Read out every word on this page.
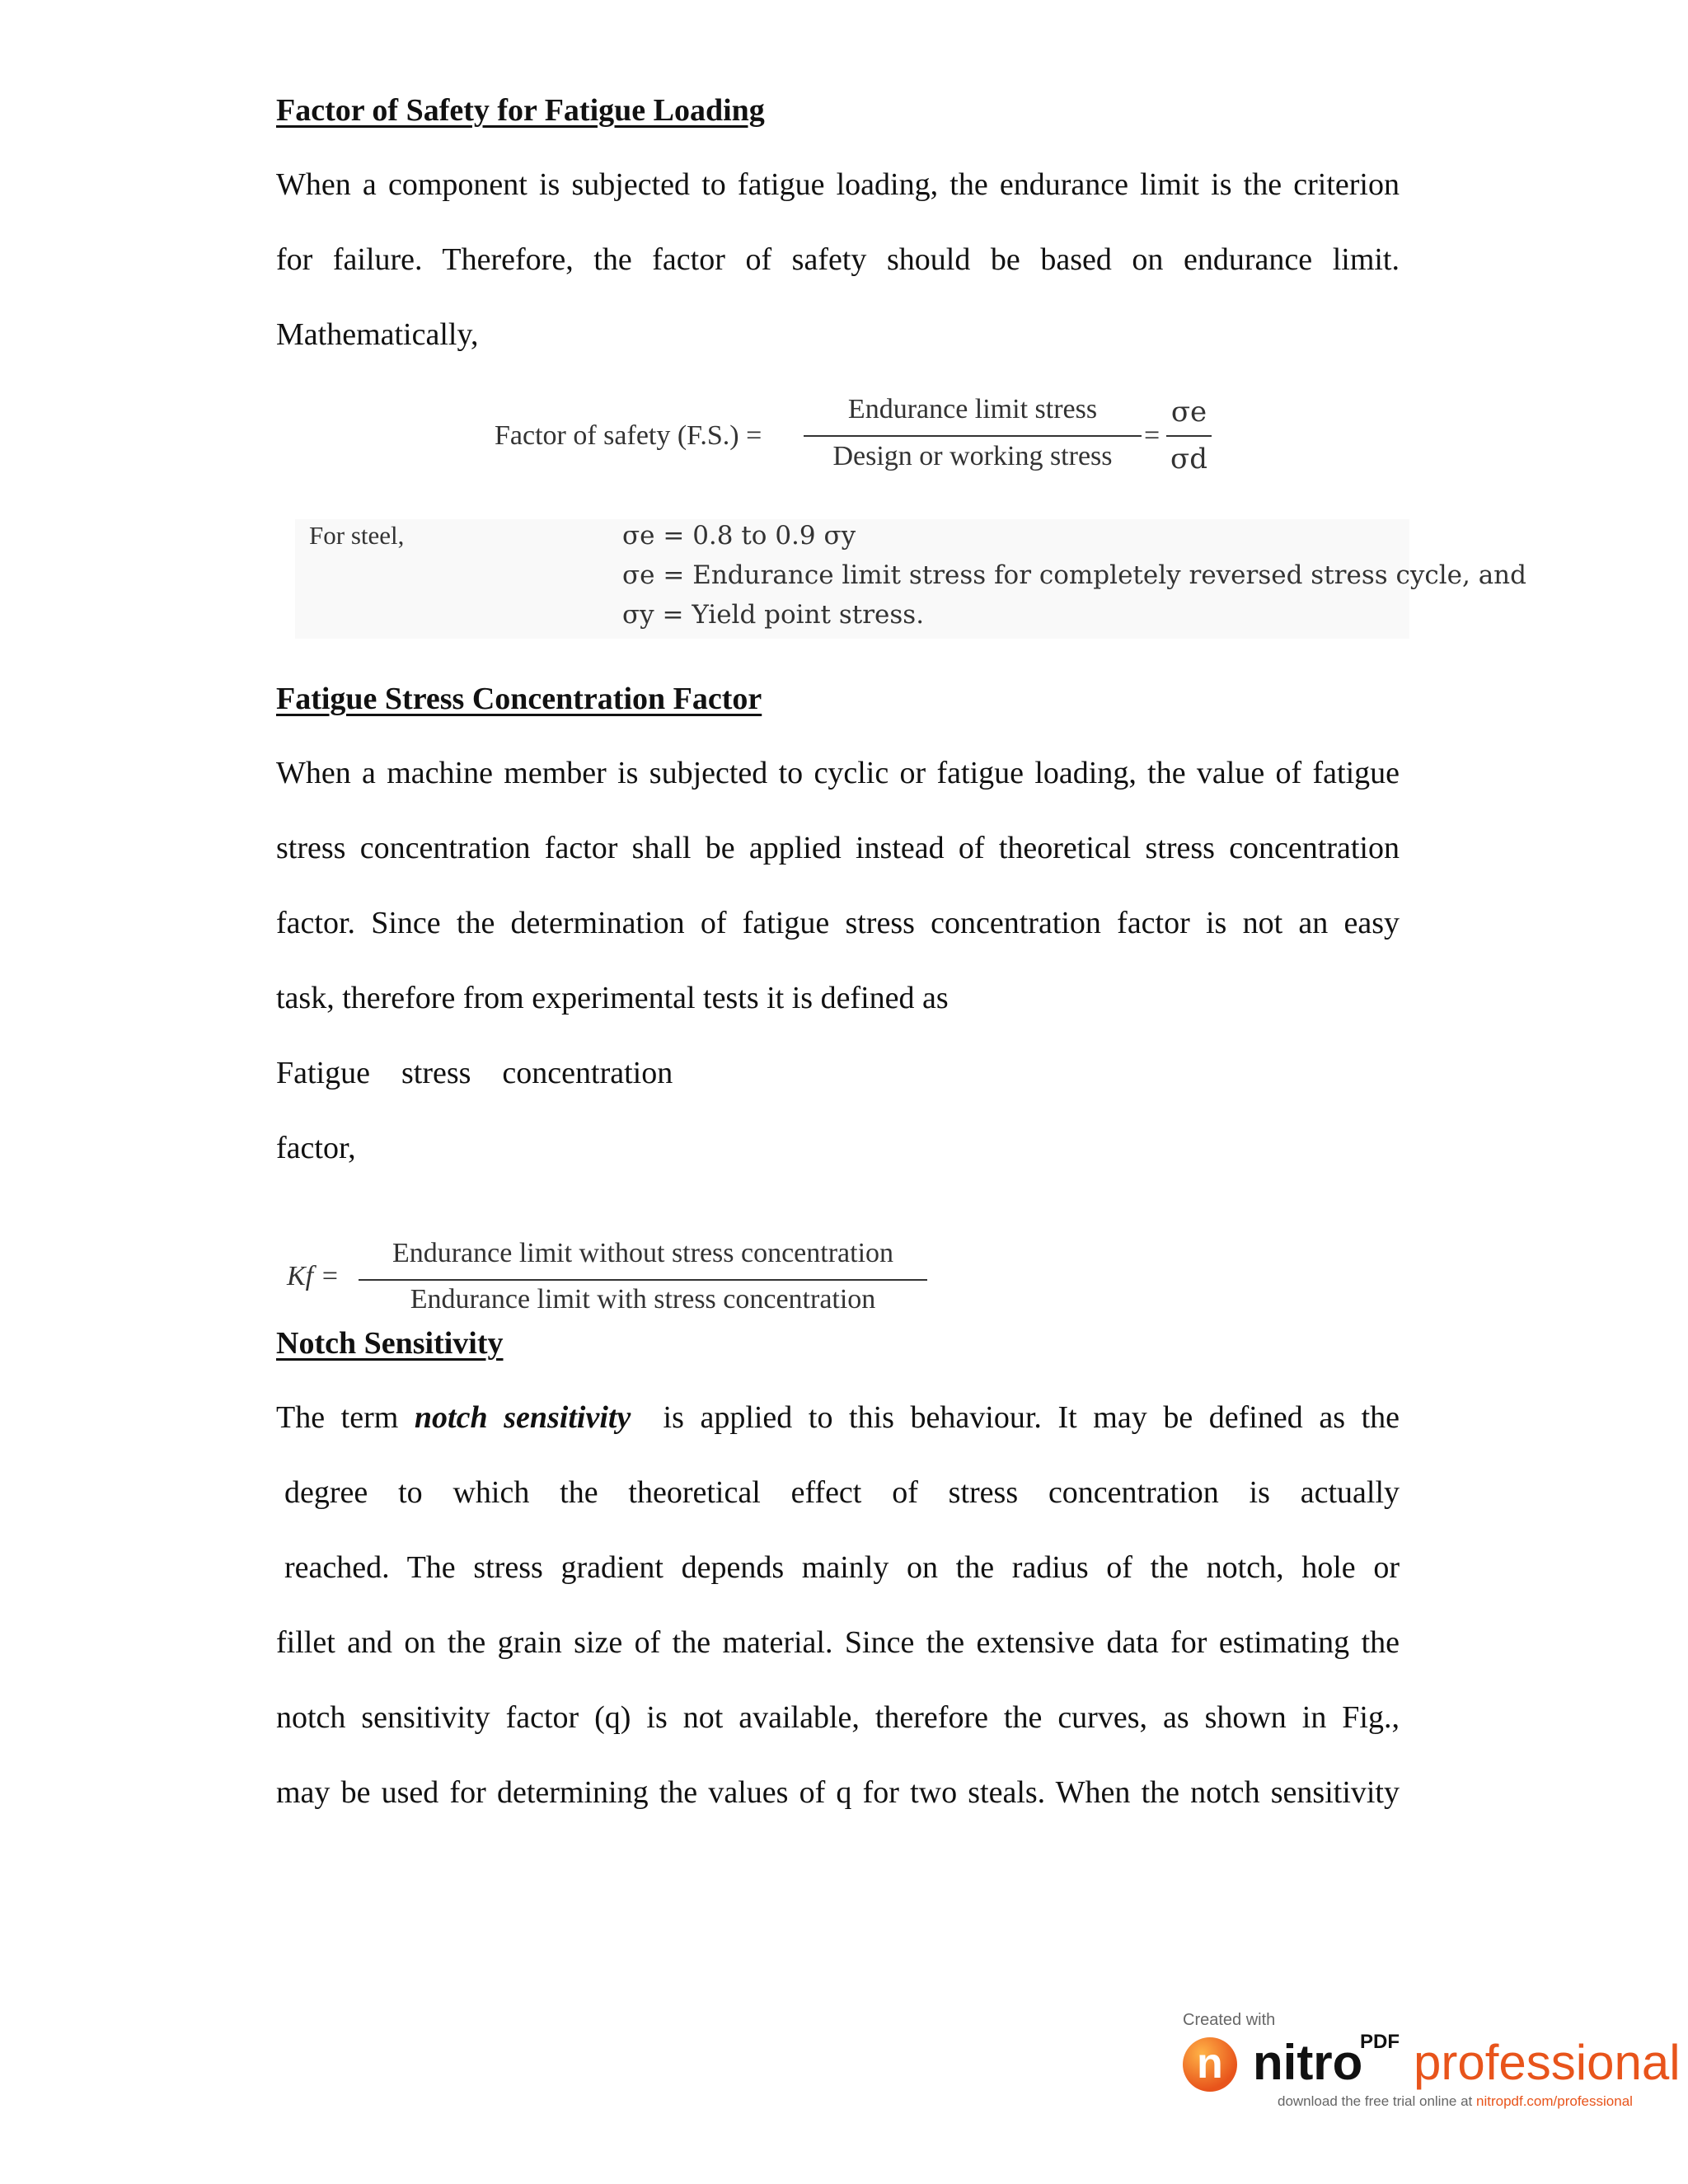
Factor of Safety for Fatigue Loading
When a component is subjected to fatigue loading, the endurance limit is the criterion
for failure. Therefore, the factor of safety should be based on endurance limit.
Mathematically,
Factor of safety (F.S.) =
Endurance limit stress
Design or working stress
=
σe
σd
For steel,	σe = 0.8 to 0.9 σy
σe = Endurance limit stress for completely reversed stress cycle, and
σy = Yield point stress.
Fatigue Stress Concentration Factor
When a machine member is subjected to cyclic or fatigue loading, the value of fatigue
stress concentration factor shall be applied instead of theoretical stress concentration
factor. Since the determination of fatigue stress concentration factor is not an easy
task, therefore from experimental tests it is defined as
Fatigue    stress    concentration
factor,
Kf =
Endurance limit without stress concentration
Endurance limit with stress concentration
Notch Sensitivity
The term notch sensitivity  is applied to this behaviour. It may be defined as the
degree to which the theoretical effect of stress concentration is actually
reached. The stress gradient depends mainly on the radius of the notch, hole or
fillet and on the grain size of the material. Since the extensive data for estimating the
notch sensitivity factor (q) is not available, therefore the curves, as shown in Fig.,
may be used for determining the values of q for two steals. When the notch sensitivity
Created with
n nitro
PDF professional
download the free trial online at nitropdf.com/professional
